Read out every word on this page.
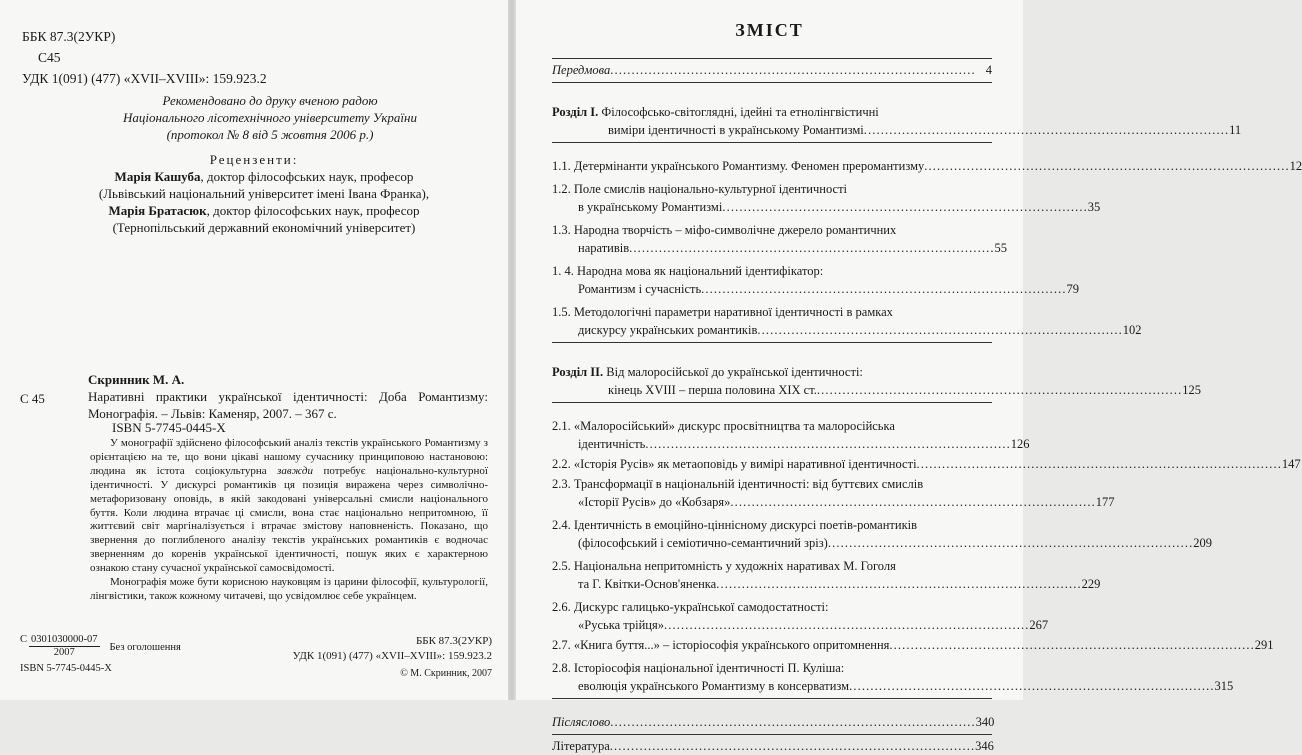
ББК 87.3(2УКР)
С45
УДК 1(091) (477) «XVII–XVIII»: 159.923.2
Рекомендовано до друку вченою радою
Національного лісотехнічного університету України
(протокол № 8 від 5 жовтня 2006 р.)
Рецензенти:
Марія Кашуба, доктор філософських наук, професор
(Львівський національний університет імені Івана Франка),
Марія Братасюк, доктор філософських наук, професор
(Тернопільський державний економічний університет)
Скринник М. А.
С 45	Наративні практики української ідентичності: Доба Романтизму: Монографія. – Львів: Каменяр, 2007. – 367 с.
ISBN 5-7745-0445-X

У монографії здійснено філософський аналіз текстів українського Романтизму з орієнтацією на те, що вони цікаві нашому сучаснику принциповою настановою: людина як істота соціокультурна завжди потребує національно-культурної ідентичності. У дискурсі романтиків ця позиція виражена через символічно-метафоризовану оповідь, в якій закодовані універсальні смисли національного буття. Коли людина втрачає ці смисли, вона стає національно непритомною, її життєвий світ маргіналізується і втрачає змістову наповненість. Показано, що звернення до поглибленого аналізу текстів українських романтиків є водночас зверненням до коренів української ідентичності, пошук яких є характерною ознакою стану сучасної української самосвідомості.

Монографія може бути корисною науковцям із царини філософії, культурології, лінгвістики, також кожному читачеві, що усвідомлює себе українцем.

С $\frac{0301030000-07}{2007}$ Без оголошення
ISBN 5-7745-0445-X
ББК 87.3(2УКР)
УДК 1(091) (477) «XVII–XVIII»: 159.923.2
© М. Скринник, 2007
ЗМІСТ
Передмова . . .	4
Розділ І. Філософсько-світоглядні, ідейні та етнолінгвістичні
виміри ідентичності в українському Романтизмі . . .	11
1.1. Детермінанти українського Романтизму. Феномен преромантизму . . .	12
1.2. Поле смислів національно-культурної ідентичності
в українському Романтизмі . . .	35
1.3. Народна творчість – міфо-символічне джерело романтичних
наративів . . .	55
1. 4. Народна мова як національний ідентифікатор:
Романтизм і сучасність . . .	79
1.5. Методологічні параметри наративної ідентичності в рамках
дискурсу українських романтиків . . .	102
Розділ ІІ. Від малоросійської до української ідентичності:
кінець XVIII – перша половина XIX ст. . . .	125
2.1. «Малоросійський» дискурс просвітництва та малоросійська
ідентичність . . .	126
2.2. «Історія Русів» як метаоповідь у вимірі наративної ідентичності . . .	147
2.3. Трансформації в національній ідентичності: від буттєвих смислів
«Історії Русів» до «Кобзаря» . . .	177
2.4. Ідентичність в емоційно-ціннісному дискурсі поетів-романтиків
(філософський і семіотично-семантичний зріз) . . .	209
2.5. Національна непритомність у художніх наративах М. Гоголя
та Г. Квітки-Основ'яненка . . .	229
2.6. Дискурс галицько-української самодостатності:
«Руська трійця» . . .	267
2.7. «Книга буття...» – історіософія українського опритомнення . . .	291
2.8. Історіософія національної ідентичності П. Куліша:
еволюція українського Романтизму в консерватизм . . .	315
Післяслово . . .	340
Література . . .	346
